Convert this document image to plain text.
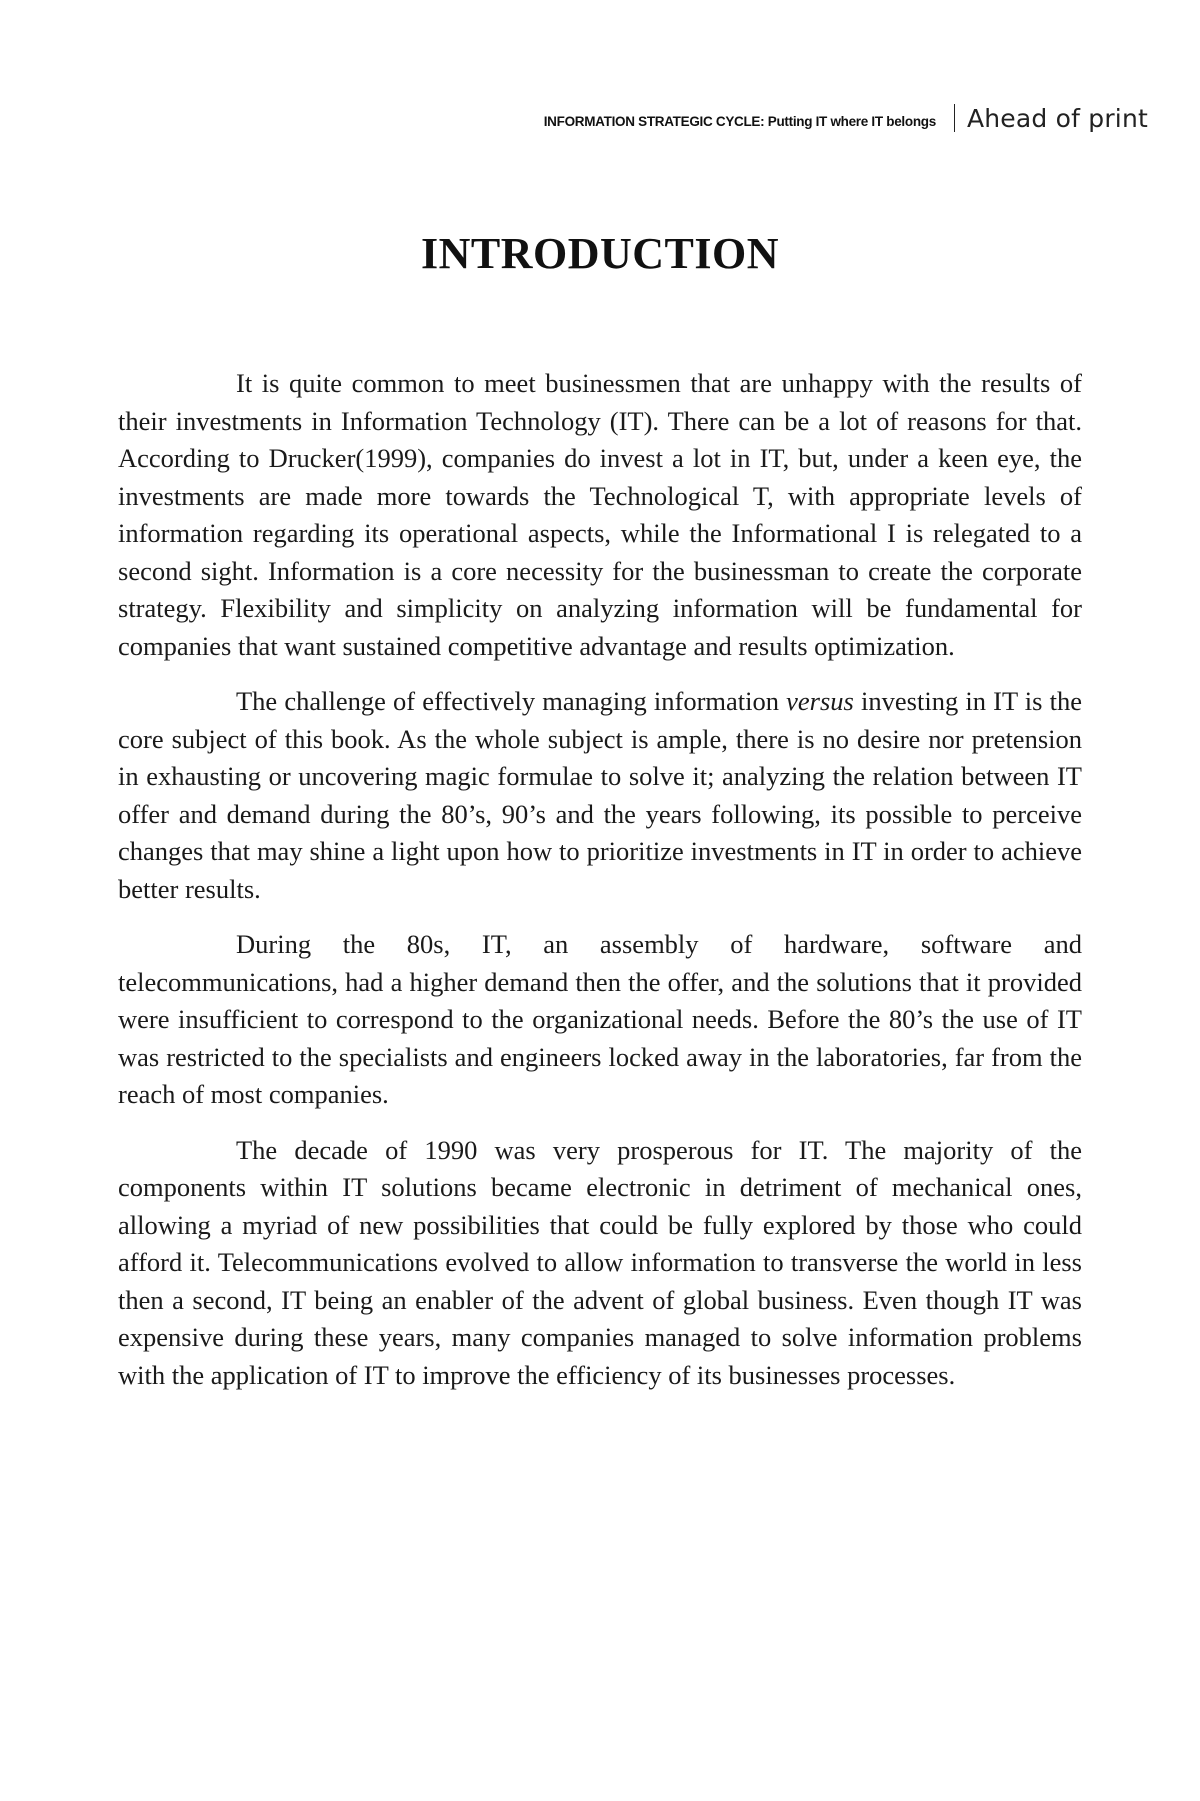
INFORMATION STRATEGIC CYCLE: Putting IT where IT belongs Ahead of print
INTRODUCTION

It is quite common to meet businessmen that are unhappy with the results of their investments in Information Technology (IT). There can be a lot of reasons for that. According to Drucker(1999), companies do invest a lot in IT, but, under a keen eye, the investments are made more towards the Technological T, with appropriate levels of information regarding its operational aspects, while the Informational I is relegated to a second sight. Information is a core necessity for the businessman to create the corporate strategy. Flexibility and simplicity on analyzing information will be fundamental for companies that want sustained competitive advantage and results optimization.

The challenge of effectively managing information versus investing in IT is the core subject of this book. As the whole subject is ample, there is no desire nor pretension in exhausting or uncovering magic formulae to solve it; analyzing the relation between IT offer and demand during the 80’s, 90’s and the years following, its possible to perceive changes that may shine a light upon how to prioritize investments in IT in order to achieve better results.

During the 80s, IT, an assembly of hardware, software and telecommunications, had a higher demand then the offer, and the solutions that it provided were insufficient to correspond to the organizational needs. Before the 80’s the use of IT was restricted to the specialists and engineers locked away in the laboratories, far from the reach of most companies.

The decade of 1990 was very prosperous for IT. The majority of the components within IT solutions became electronic in detriment of mechanical ones, allowing a myriad of new possibilities that could be fully explored by those who could afford it. Telecommunications evolved to allow information to transverse the world in less then a second, IT being an enabler of the advent of global business. Even though IT was expensive during these years, many companies managed to solve information problems with the application of IT to improve the efficiency of its businesses processes.
